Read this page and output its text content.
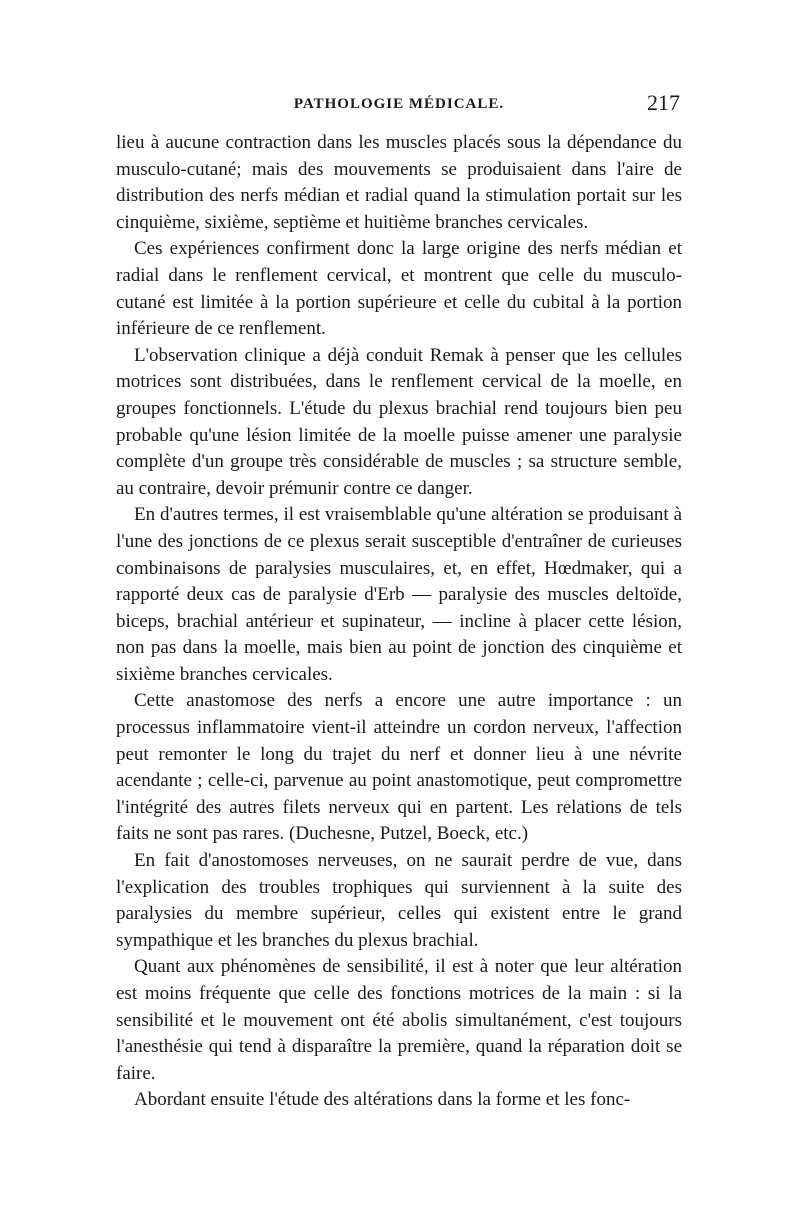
PATHOLOGIE MÉDICALE.	217

lieu à aucune contraction dans les muscles placés sous la dépendance du musculo-cutané; mais des mouvements se produisaient dans l'aire de distribution des nerfs médian et radial quand la stimulation portait sur les cinquième, sixième, septième et huitième branches cervicales.

Ces expériences confirment donc la large origine des nerfs médian et radial dans le renflement cervical, et montrent que celle du musculo-cutané est limitée à la portion supérieure et celle du cubital à la portion inférieure de ce renflement.

L'observation clinique a déjà conduit Remak à penser que les cellules motrices sont distribuées, dans le renflement cervical de la moelle, en groupes fonctionnels. L'étude du plexus brachial rend toujours bien peu probable qu'une lésion limitée de la moelle puisse amener une paralysie complète d'un groupe très considérable de muscles ; sa structure semble, au contraire, devoir prémunir contre ce danger.

En d'autres termes, il est vraisemblable qu'une altération se produisant à l'une des jonctions de ce plexus serait susceptible d'entraîner de curieuses combinaisons de paralysies musculaires, et, en effet, Hœdmaker, qui a rapporté deux cas de paralysie d'Erb — paralysie des muscles deltoïde, biceps, brachial antérieur et supinateur, — incline à placer cette lésion, non pas dans la moelle, mais bien au point de jonction des cinquième et sixième branches cervicales.

Cette anastomose des nerfs a encore une autre importance : un processus inflammatoire vient-il atteindre un cordon nerveux, l'affection peut remonter le long du trajet du nerf et donner lieu à une névrite acendante ; celle-ci, parvenue au point anastomotique, peut compromettre l'intégrité des autres filets nerveux qui en partent. Les relations de tels faits ne sont pas rares. (Duchesne, Putzel, Boeck, etc.)

En fait d'anostomoses nerveuses, on ne saurait perdre de vue, dans l'explication des troubles trophiques qui surviennent à la suite des paralysies du membre supérieur, celles qui existent entre le grand sympathique et les branches du plexus brachial.

Quant aux phénomènes de sensibilité, il est à noter que leur altération est moins fréquente que celle des fonctions motrices de la main : si la sensibilité et le mouvement ont été abolis simultanément, c'est toujours l'anesthésie qui tend à disparaître la première, quand la réparation doit se faire.

Abordant ensuite l'étude des altérations dans la forme et les fonc-
